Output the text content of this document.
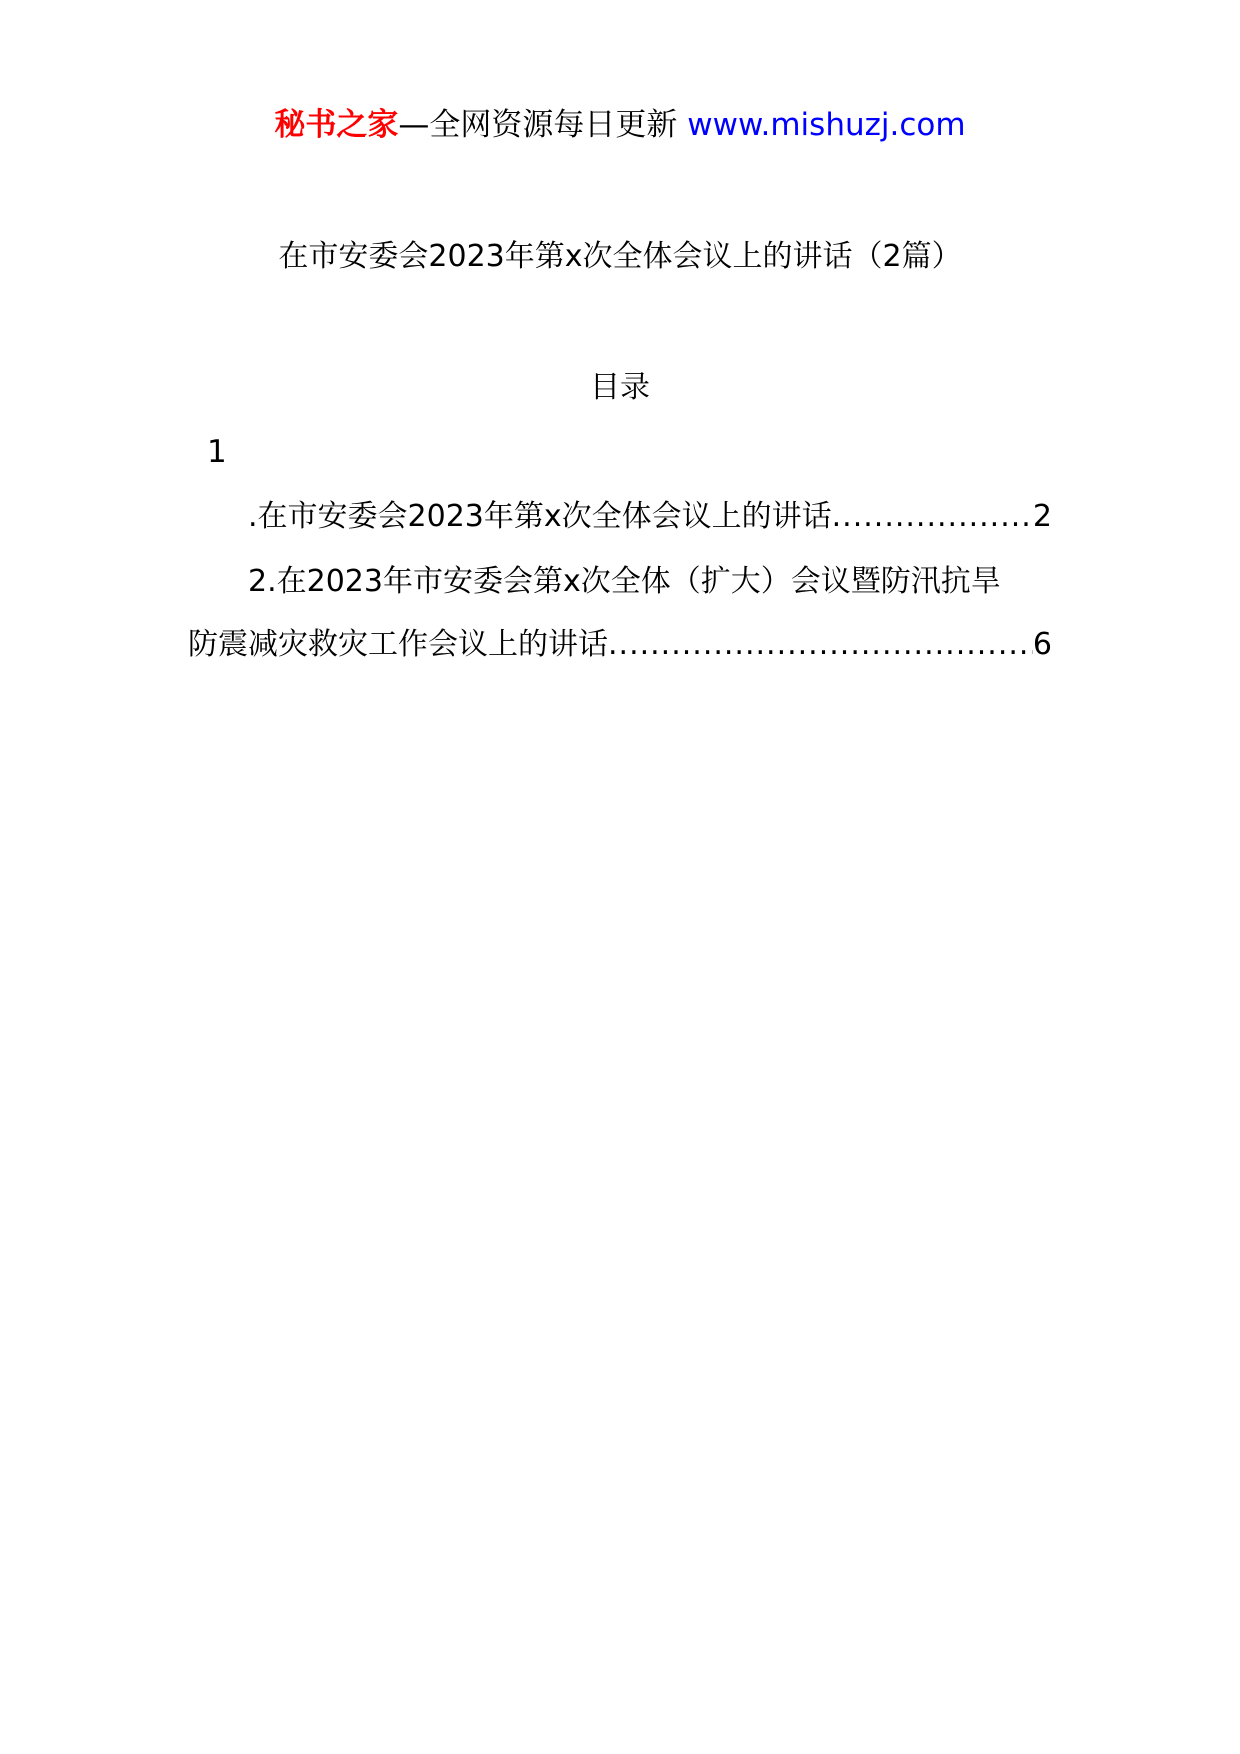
秘书之家—全网资源每日更新 www.mishuzj.com
在市安委会2023年第x次全体会议上的讲话（2篇）
目录
1
.在市安委会2023年第x次全体会议上的讲话 .....	2
2.在2023年市安委会第x次全体（扩大）会议暨防汛抗旱
防震减灾救灾工作会议上的讲话 .....	6
